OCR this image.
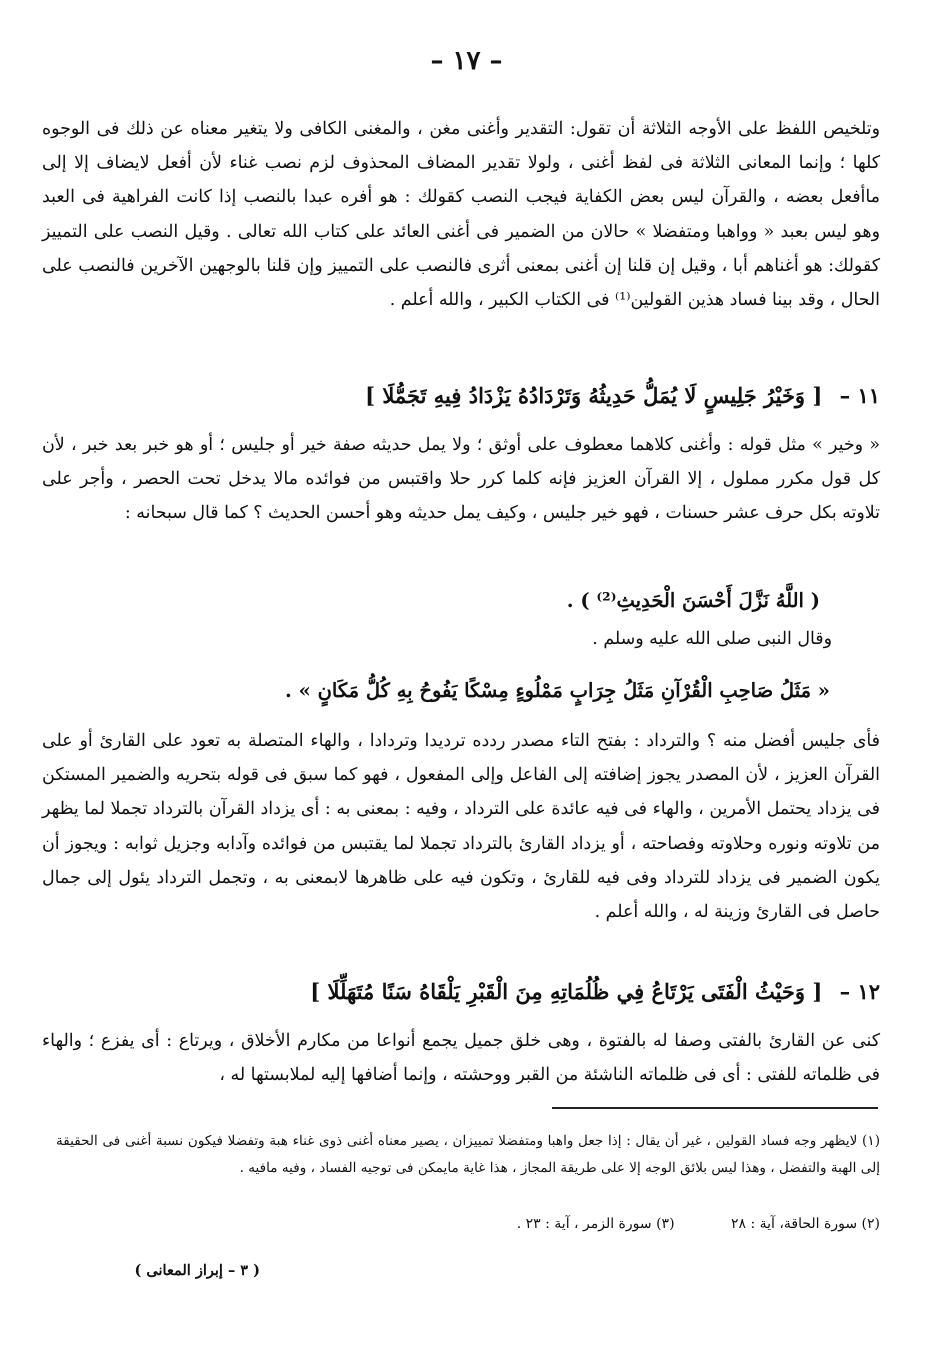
– ١٧ –

وتلخيص اللفظ على الأوجه الثلاثة أن تقول: التقدير وأغنى مغن ، والمغنى الكافى ولا يتغير معناه عن ذلك فى الوجوه كلها ؛ وإنما المعانى الثلاثة فى لفظ أغنى ، ولولا تقدير المضاف المحذوف لزم نصب غناء لأن أفعل لايضاف إلا إلى ماأفعل بعضه ، والقرآن ليس بعض الكفاية فيجب النصب كقولك : هو أفره عبدا بالنصب إذا كانت الفراهية فى العبد وهو ليس بعبد « وواهبا ومتفضلا » حالان من الضمير فى أغنى العائد على كتاب الله تعالى . وقيل النصب على التمييز كقولك: هو أغناهم أبا ، وقيل إن قلنا إن أغنى بمعنى أثرى فالنصب على التمييز وإن قلنا بالوجهين الآخرين فالنصب على الحال ، وقد بينا فساد هذين القولين⁽¹⁾ فى الكتاب الكبير ، والله أعلم .

١١ – [ وَخَيْرُ جَلِيسٍ لَا يُمَلُّ حَدِيثُهُ وَتَرْدَادُهُ يَزْدَادُ فِيهِ تَجَمُّلَا ]

« وخير » مثل قوله : وأغنى كلاهما معطوف على أوثق ؛ ولا يمل حديثه صفة خير أو جليس ؛ أو هو خبر بعد خبر ، لأن كل قول مكرر مملول ، إلا القرآن العزيز فإنه كلما كرر حلا واقتبس من فوائده مالا يدخل تحت الحصر ، وأجر على تلاوته بكل حرف عشر حسنات ، فهو خير جليس ، وكيف يمل حديثه وهو أحسن الحديث ؟ كما قال سبحانه :

( اللَّهُ نَزَّلَ أَحْسَنَ الْحَدِيثِ⁽²⁾ ) .
وقال النبى صلى الله عليه وسلم .
« مَثَلُ صَاحِبِ الْقُرْآنِ مَثَلُ جِرَابٍ مَمْلُوءٍ مِسْكًا يَفُوحُ بِهِ كُلُّ مَكَانٍ » .

فأى جليس أفضل منه ؟ والترداد : بفتح التاء مصدر ردده ترديدا وتردادا ، والهاء المتصلة به تعود على القارئ أو على القرآن العزيز ، لأن المصدر يجوز إضافته إلى الفاعل وإلى المفعول ، فهو كما سبق فى قوله بتحريه والضمير المستكن فى يزداد يحتمل الأمرين ، والهاء فى فيه عائدة على الترداد ، وفيه : بمعنى به : أى يزداد القرآن بالترداد تجملا لما يظهر من تلاوته ونوره وحلاوته وفصاحته ، أو يزداد القارئ بالترداد تجملا لما يقتبس من فوائده وآدابه وجزيل ثوابه : ويجوز أن يكون الضمير فى يزداد للترداد وفى فيه للقارئ ، وتكون فيه على ظاهرها لابمعنى به ، وتجمل الترداد يئول إلى جمال حاصل فى القارئ وزينة له ، والله أعلم .

١٢ – [ وَحَيْثُ الْفَتَى يَرْتَاعُ فِي ظُلُمَاتِهِ مِنَ الْقَبْرِ يَلْقَاهُ سَنًا مُتَهَلِّلَا ]

كنى عن القارئ بالفتى وصفا له بالفتوة ، وهى خلق جميل يجمع أنواعا من مكارم الأخلاق ، ويرتاع : أى يفزع ؛ والهاء فى ظلماته للفتى : أى فى ظلماته الناشئة من القبر ووحشته ، وإنما أضافها إليه لملابستها له ،

(١) لايظهر وجه فساد القولين ، غير أن يقال : إذا جعل واهبا ومتفضلا تمييزان ، يصير معناه أغنى ذوى غناء هبة وتفضلا فيكون نسبة أغنى فى الحقيقة إلى الهبة والتفضل ، وهذا ليس بلائق الوجه إلا على طريقة المجاز ، هذا غاية مايمكن فى توجيه الفساد ، وفيه مافيه .

(٢) سورة الحاقة، آية : ٢٨ (٣) سورة الزمر ، آية : ٢٣ .
( ٣ – إبراز المعانى )
